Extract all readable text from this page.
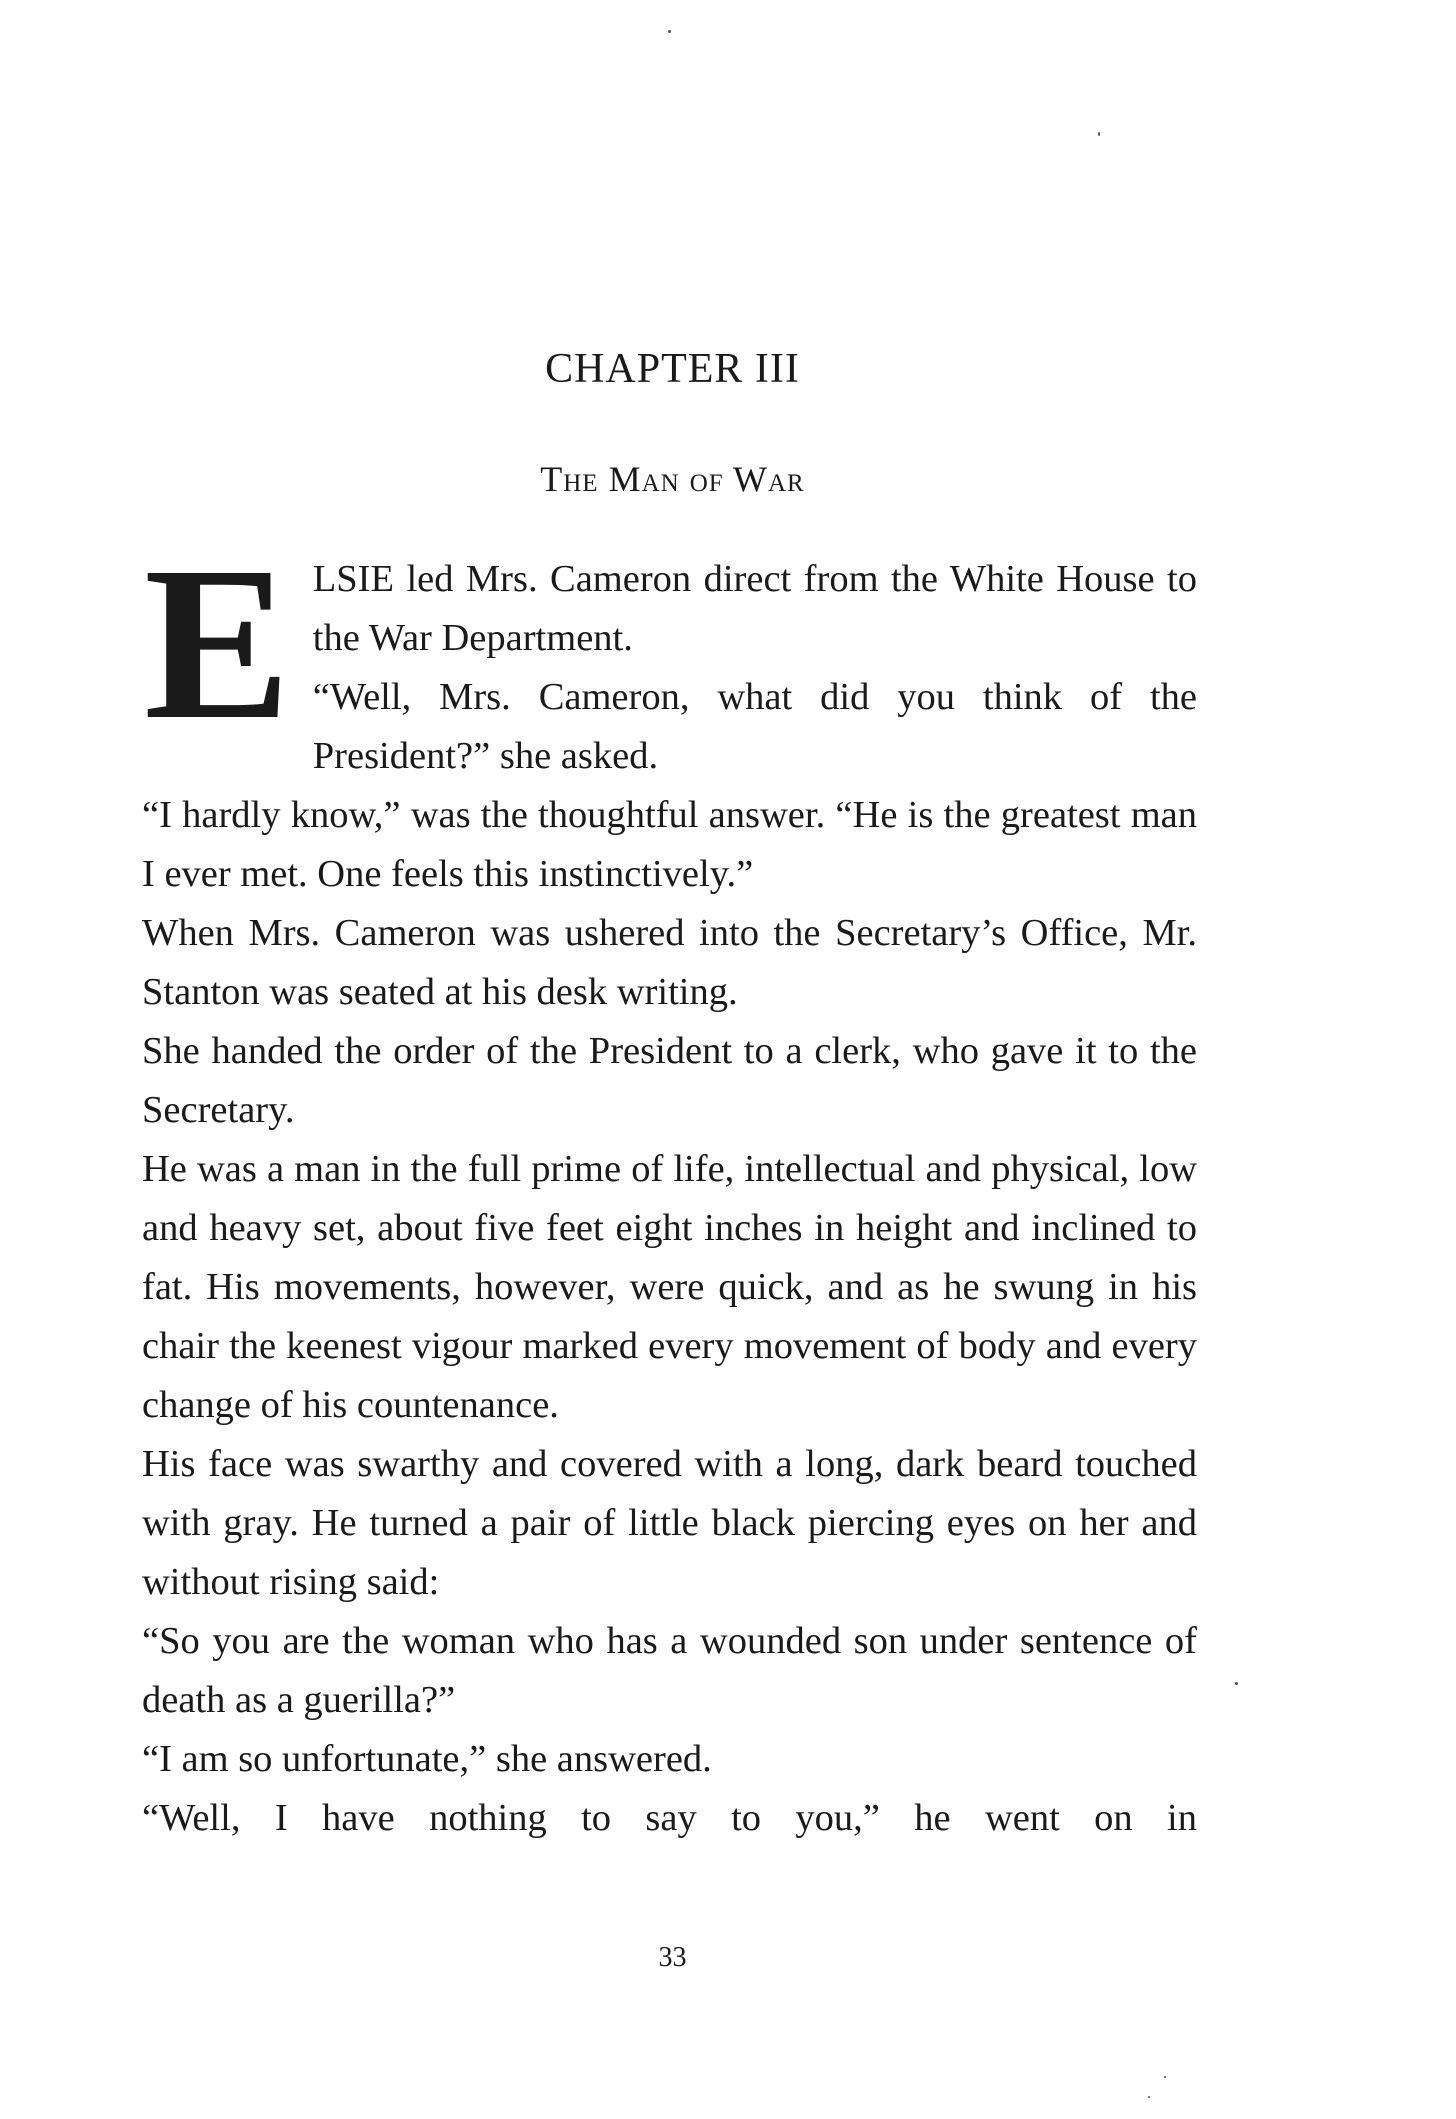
CHAPTER III
The Man of War
E LSIE led Mrs. Cameron direct from the White House to the War Department.

“Well, Mrs. Cameron, what did you think of the President?” she asked.

“I hardly know,” was the thoughtful answer. “He is the greatest man I ever met. One feels this instinctively.”

When Mrs. Cameron was ushered into the Secretary’s Office, Mr. Stanton was seated at his desk writing.

She handed the order of the President to a clerk, who gave it to the Secretary.

He was a man in the full prime of life, intellectual and physical, low and heavy set, about five feet eight inches in height and inclined to fat. His movements, however, were quick, and as he swung in his chair the keenest vigour marked every movement of body and every change of his countenance.

His face was swarthy and covered with a long, dark beard touched with gray. He turned a pair of little black piercing eyes on her and without rising said:

“So you are the woman who has a wounded son under sentence of death as a guerilla?”

“I am so unfortunate,” she answered.

“Well, I have nothing to say to you,” he went on in

33
